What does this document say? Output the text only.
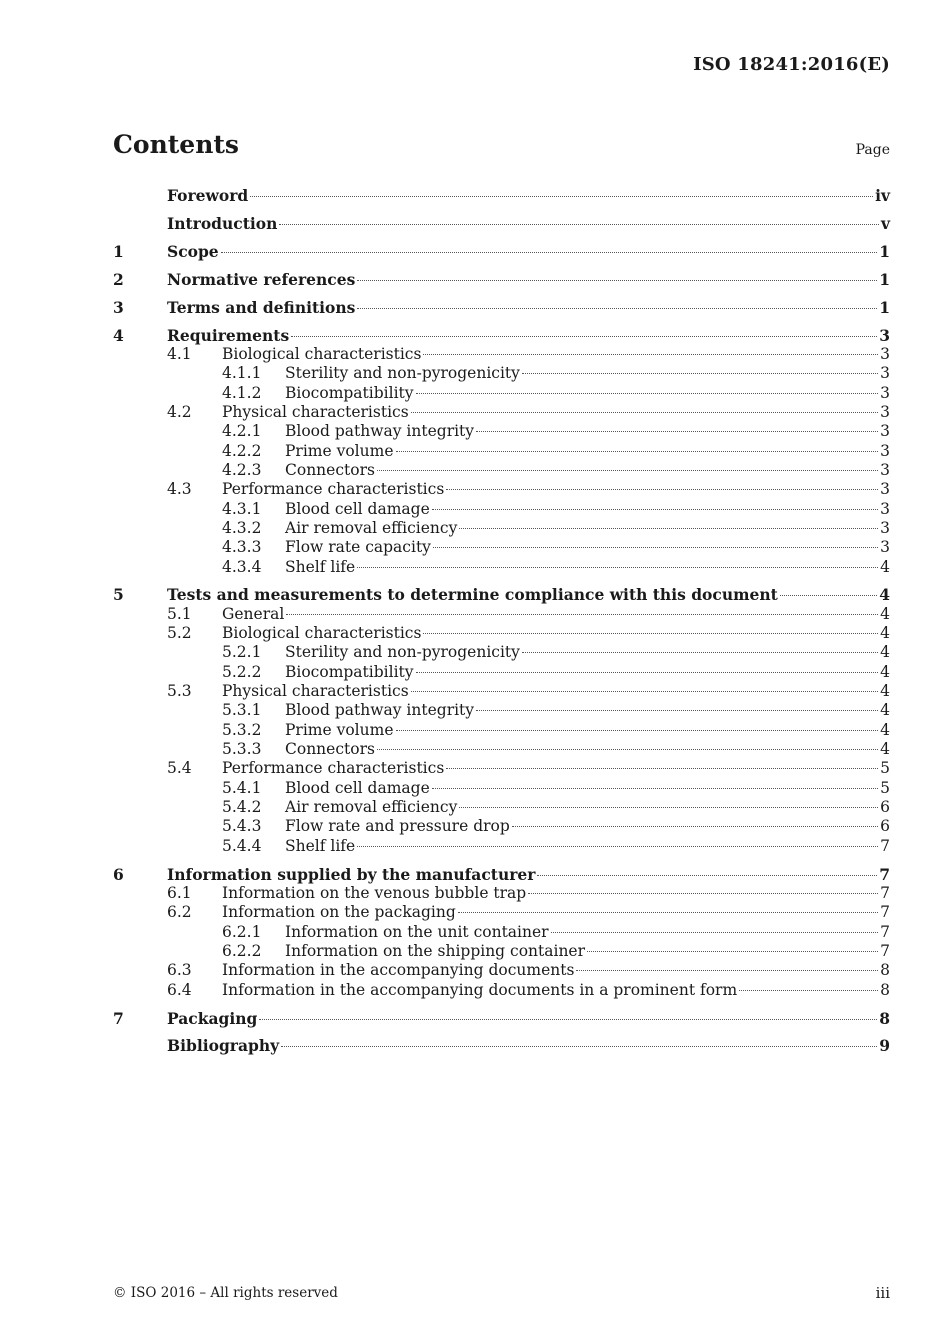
ISO 18241:2016(E)
Contents	Page
Foreword	iv
Introduction	v
1	Scope	1
2	Normative references	1
3	Terms and definitions	1
4	Requirements	3
4.1	Biological characteristics	3
4.1.1	Sterility and non-pyrogenicity	3
4.1.2	Biocompatibility	3
4.2	Physical characteristics	3
4.2.1	Blood pathway integrity	3
4.2.2	Prime volume	3
4.2.3	Connectors	3
4.3	Performance characteristics	3
4.3.1	Blood cell damage	3
4.3.2	Air removal efficiency	3
4.3.3	Flow rate capacity	3
4.3.4	Shelf life	4
5	Tests and measurements to determine compliance with this document	4
5.1	General	4
5.2	Biological characteristics	4
5.2.1	Sterility and non-pyrogenicity	4
5.2.2	Biocompatibility	4
5.3	Physical characteristics	4
5.3.1	Blood pathway integrity	4
5.3.2	Prime volume	4
5.3.3	Connectors	4
5.4	Performance characteristics	5
5.4.1	Blood cell damage	5
5.4.2	Air removal efficiency	6
5.4.3	Flow rate and pressure drop	6
5.4.4	Shelf life	7
6	Information supplied by the manufacturer	7
6.1	Information on the venous bubble trap	7
6.2	Information on the packaging	7
6.2.1	Information on the unit container	7
6.2.2	Information on the shipping container	7
6.3	Information in the accompanying documents	8
6.4	Information in the accompanying documents in a prominent form	8
7	Packaging	8
Bibliography	9
© ISO 2016 – All rights reserved	iii
